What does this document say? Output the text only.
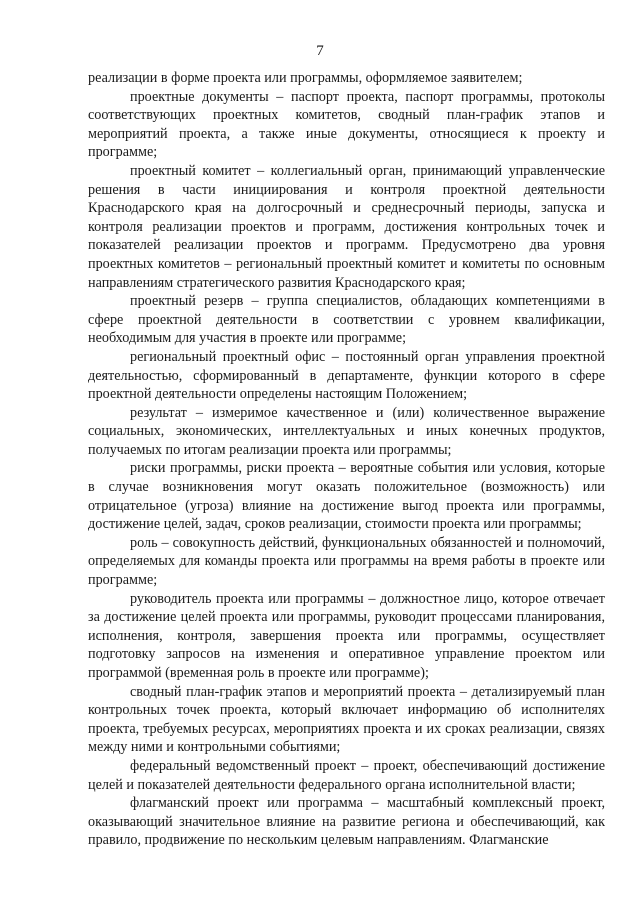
7

реализации в форме проекта или программы, оформляемое заявителем;

проектные документы – паспорт проекта, паспорт программы, протоколы соответствующих проектных комитетов, сводный план-график этапов и мероприятий проекта, а также иные документы, относящиеся к проекту и программе;

проектный комитет – коллегиальный орган, принимающий управленческие решения в части инициирования и контроля проектной деятельности Краснодарского края на долгосрочный и среднесрочный периоды, запуска и контроля реализации проектов и программ, достижения контрольных точек и показателей реализации проектов и программ. Предусмотрено два уровня проектных комитетов – региональный проектный комитет и комитеты по основным направлениям стратегического развития Краснодарского края;

проектный резерв – группа специалистов, обладающих компетенциями в сфере проектной деятельности в соответствии с уровнем квалификации, необходимым для участия в проекте или программе;

региональный проектный офис – постоянный орган управления проектной деятельностью, сформированный в департаменте, функции которого в сфере проектной деятельности определены настоящим Положением;

результат – измеримое качественное и (или) количественное выражение социальных, экономических, интеллектуальных и иных конечных продуктов, получаемых по итогам реализации проекта или программы;

риски программы, риски проекта – вероятные события или условия, которые в случае возникновения могут оказать положительное (возможность) или отрицательное (угроза) влияние на достижение выгод проекта или программы, достижение целей, задач, сроков реализации, стоимости проекта или программы;

роль – совокупность действий, функциональных обязанностей и полномочий, определяемых для команды проекта или программы на время работы в проекте или программе;

руководитель проекта или программы – должностное лицо, которое отвечает за достижение целей проекта или программы, руководит процессами планирования, исполнения, контроля, завершения проекта или программы, осуществляет подготовку запросов на изменения и оперативное управление проектом или программой (временная роль в проекте или программе);

сводный план-график этапов и мероприятий проекта – детализируемый план контрольных точек проекта, который включает информацию об исполнителях проекта, требуемых ресурсах, мероприятиях проекта и их сроках реализации, связях между ними и контрольными событиями;

федеральный ведомственный проект – проект, обеспечивающий достижение целей и показателей деятельности федерального органа исполнительной власти;

флагманский проект или программа – масштабный комплексный проект, оказывающий значительное влияние на развитие региона и обеспечивающий, как правило, продвижение по нескольким целевым направлениям. Флагманские
